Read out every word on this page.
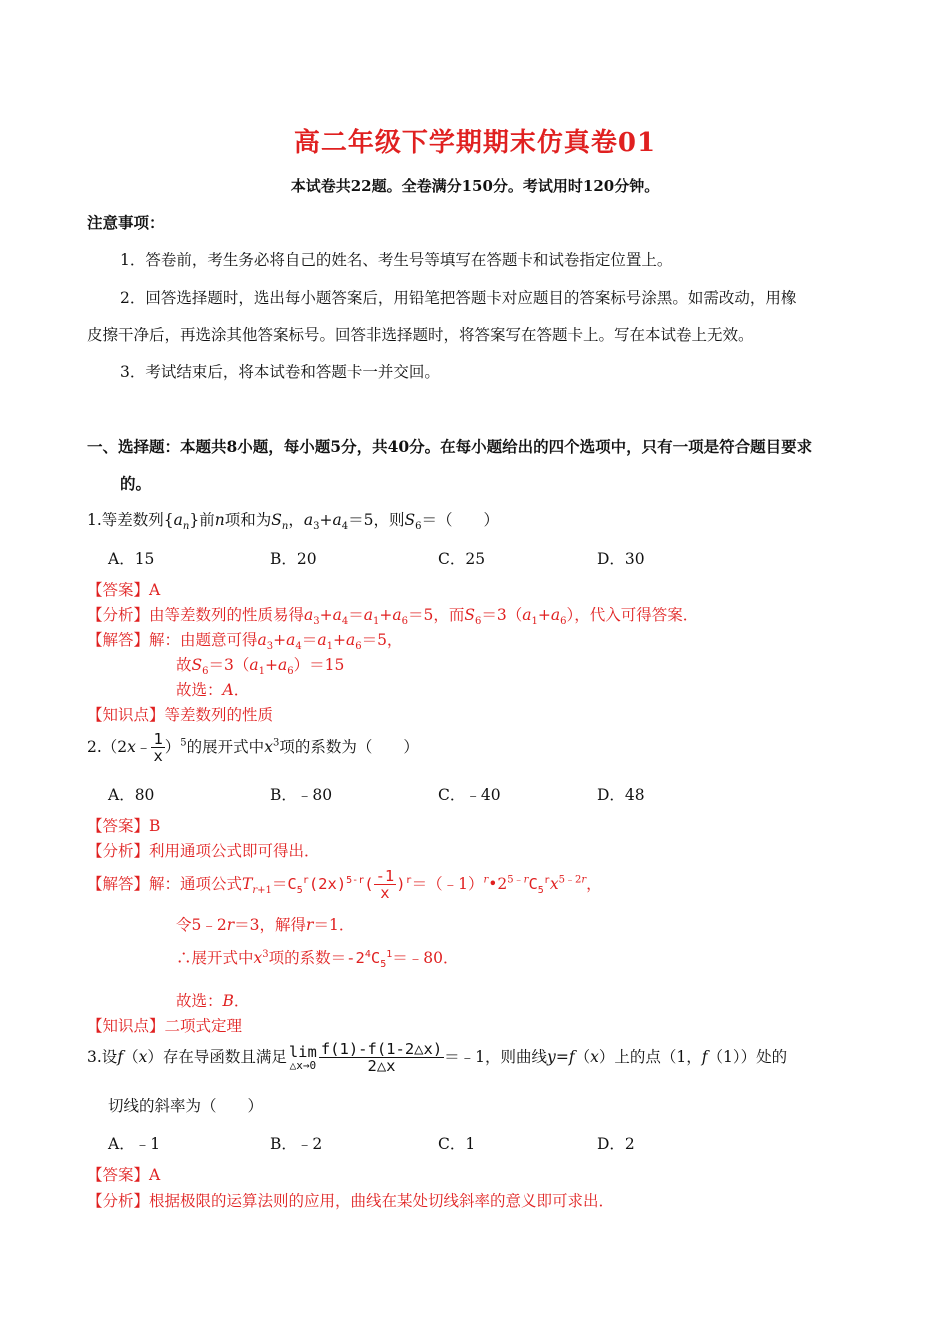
高二年级下学期期末仿真卷01
本试卷共22题。全卷满分150分。考试用时120分钟。
注意事项：
1．答卷前，考生务必将自己的姓名、考生号等填写在答题卡和试卷指定位置上。
2．回答选择题时，选出每小题答案后，用铅笔把答题卡对应题目的答案标号涂黑。如需改动，用橡
皮擦干净后，再选涂其他答案标号。回答非选择题时，将答案写在答题卡上。写在本试卷上无效。
3．考试结束后，将本试卷和答题卡一并交回。
一、选择题：本题共8小题，每小题5分，共40分。在每小题给出的四个选项中，只有一项是符合题目要求
的。
1.等差数列$\{a_n\}$前n项和为$S_n$，$a_3+a_4=5$，则$S_6=$（　　）
A．15	B．20	C．25	D．30
【答案】A
【分析】由等差数列的性质易得$a_3+a_4=a_1+a_6=5$，而$S_6=3(a_1+a_6)$，代入可得答案．
【解答】解：由题意可得$a_3+a_4=a_1+a_6=5$，
故$S_6=3(a_1+a_6)=15$
故选：A．
【知识点】等差数列的性质
2.（2x﹣ $\frac{1}{x} )^5$的展开式中$x^3$项的系数为（　　）
A．80	B．﹣80	C．﹣40	D．48
【答案】B
【分析】利用通项公式即可得出．
【解答】解：通项公式$T_{r+1}=C_5^r(2x)^{5-r}( \frac{-1}{x}$ )$^r=(﹣1)^r•2^{5﹣r}C_5^rx^{5﹣2r}$，
令5﹣2r＝3，解得r＝1．
∴展开式中$x^3$项的系数$=-2^4C_5^1=﹣80$．
故选：B．
【知识点】二项式定理
3.设f（x）存在导函数且满足 lim
△x→0 $\frac{f(1)-f(1-2\triangle x)}{2\triangle x}$ ＝﹣1，则曲线y=f（x）上的点（1，f（1））处的
切线的斜率为（　　）
A．﹣1	B．﹣2	C．1	D．2
【答案】A
【分析】根据极限的运算法则的应用，曲线在某处切线斜率的意义即可求出．
